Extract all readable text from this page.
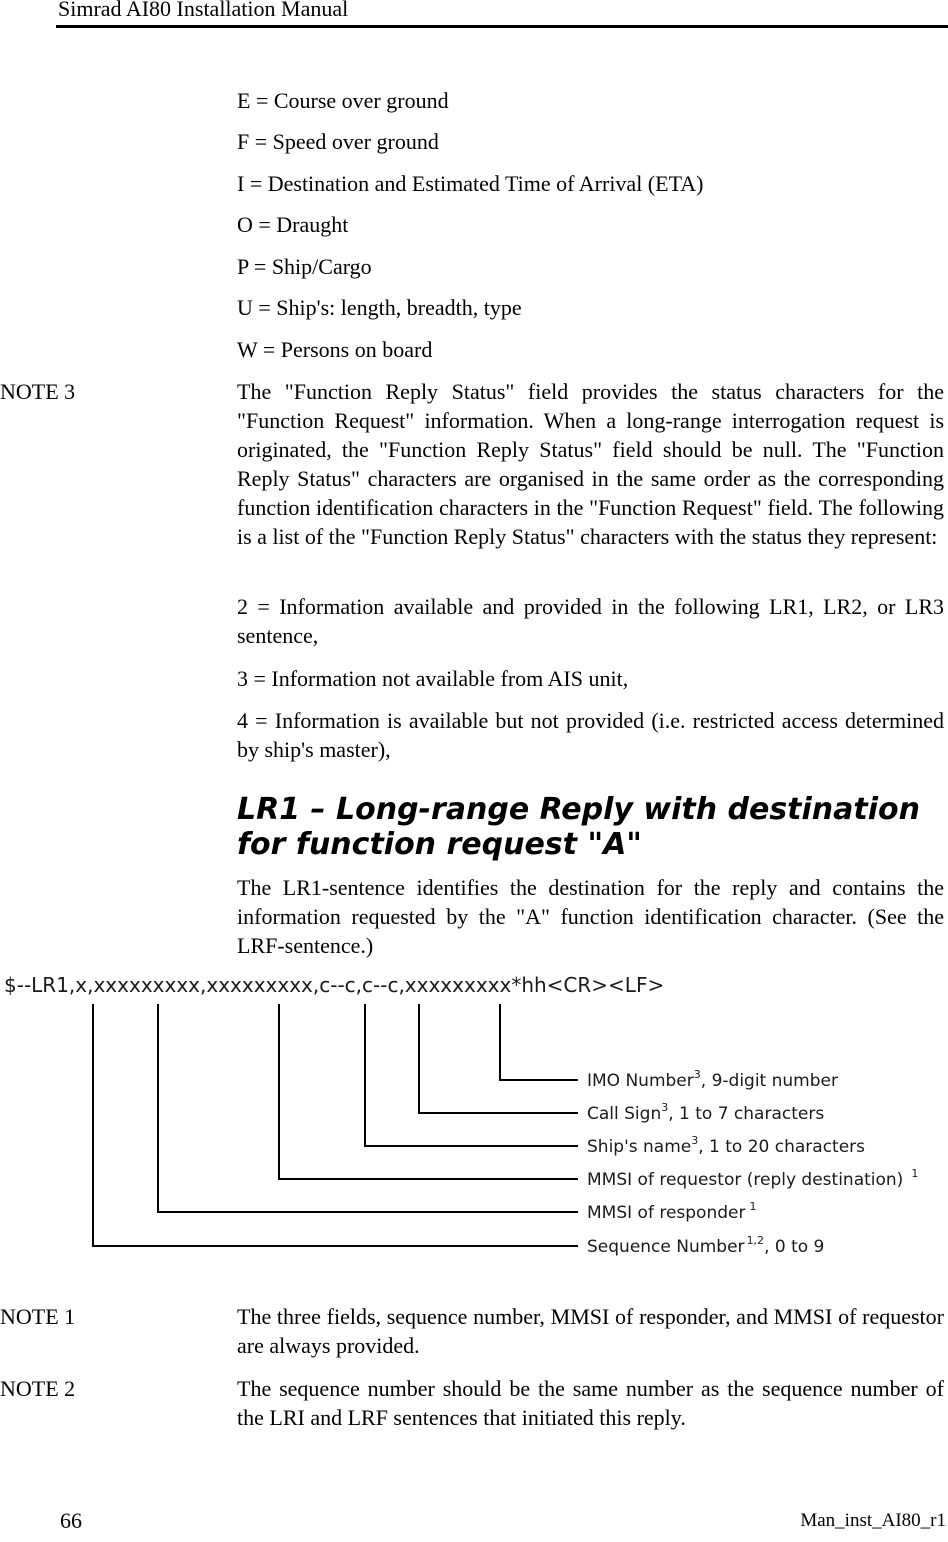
Simrad AI80 Installation Manual
E = Course over ground
F = Speed over ground
I = Destination and Estimated Time of Arrival (ETA)
O = Draught
P = Ship/Cargo
U = Ship's: length, breadth, type
W = Persons on board
NOTE 3	The "Function Reply Status" field provides the status characters for the "Function Request" information. When a long-range interrogation request is originated, the "Function Reply Status" field should be null. The "Function Reply Status" characters are organised in the same order as the corresponding function identification characters in the "Function Request" field. The following is a list of the "Function Reply Status" characters with the status they represent:
2 = Information available and provided in the following LR1, LR2, or LR3 sentence,
3 = Information not available from AIS unit,
4 = Information is available but not provided (i.e. restricted access determined by ship's master),
LR1 – Long-range Reply with destination for function request "A"
The LR1-sentence identifies the destination for the reply and contains the information requested by the "A" function identification character. (See the LRF-sentence.)
$--LR1,x,xxxxxxxxx,xxxxxxxxx,c--c,c--c,xxxxxxxxx*hh<CR><LF>
IMO Number$^3$, 9-digit number
Call Sign$^3$, 1 to 7 characters
Ship's name$^3$, 1 to 20 characters
MMSI of requestor (reply destination) $^1$
MMSI of responder $^1$
Sequence Number $^{1,2}$, 0 to 9
NOTE 1	The three fields, sequence number, MMSI of responder, and MMSI of requestor are always provided.
NOTE 2	The sequence number should be the same number as the sequence number of the LRI and LRF sentences that initiated this reply.
66	Man_inst_AI80_r1
